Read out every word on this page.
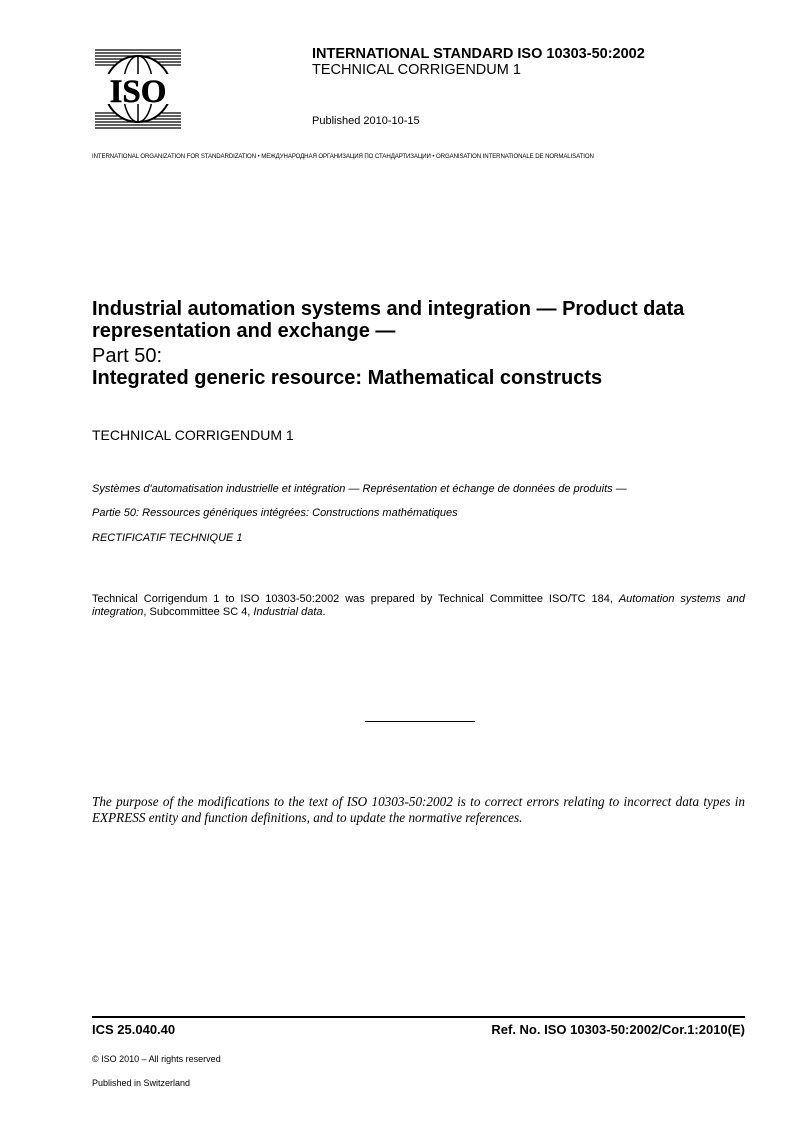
ISO
INTERNATIONAL STANDARD ISO 10303-50:2002
TECHNICAL CORRIGENDUM 1
Published 2010-10-15
INTERNATIONAL ORGANIZATION FOR STANDARDIZATION • МЕЖДУНАРОДНАЯ ОРГАНИЗАЦИЯ ПО СТАНДАРТИЗАЦИИ • ORGANISATION INTERNATIONALE DE NORMALISATION
Industrial automation systems and integration — Product data
representation and exchange —
Part 50:
Integrated generic resource: Mathematical constructs
TECHNICAL CORRIGENDUM 1
Systèmes d'automatisation industrielle et intégration — Représentation et échange de données de produits —
Partie 50: Ressources génériques intégrées: Constructions mathématiques
RECTIFICATIF TECHNIQUE 1
Technical Corrigendum 1 to ISO 10303-50:2002 was prepared by Technical Committee ISO/TC 184, Automation systems and integration, Subcommittee SC 4, Industrial data.
The purpose of the modifications to the text of ISO 10303-50:2002 is to correct errors relating to incorrect data types in EXPRESS entity and function definitions, and to update the normative references.
ICS 25.040.40	Ref. No. ISO 10303-50:2002/Cor.1:2010(E)
© ISO 2010 – All rights reserved
Published in Switzerland
